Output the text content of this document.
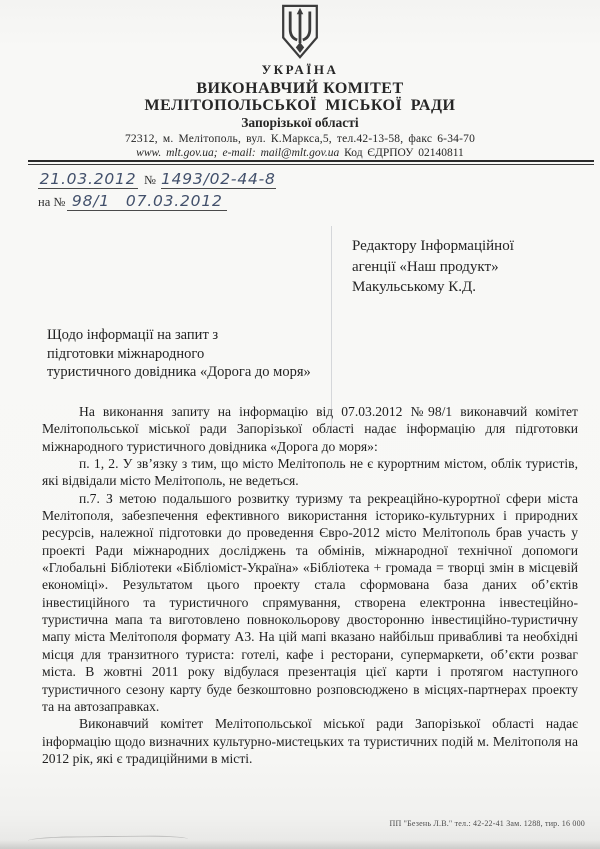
УКРАЇНА
ВИКОНАВЧИЙ КОМІТЕТ
МЕЛІТОПОЛЬСЬКОЇ МІСЬКОЇ РАДИ
Запорізької області
72312, м. Мелітополь, вул. К.Маркса,5, тел.42-13-58, факс 6-34-70
www. mlt.gov.ua; e-mail: mail@mlt.gov.ua Код ЄДРПОУ 02140811
21.03.2012 № 1493/02-44-8
на № 98/1 07.03.2012
Редактору Інформаційної
агенції «Наш продукт»
Макульському К.Д.
Щодо інформації на запит з
підготовки міжнародного
туристичного довідника «Дорога до моря»

На виконання запиту на інформацію від 07.03.2012 №98/1 виконавчий комітет Мелітопольської міської ради Запорізької області надає інформацію для підготовки міжнародного туристичного довідника «Дорога до моря»:

п. 1, 2. У зв’язку з тим, що місто Мелітополь не є курортним містом, облік туристів, які відвідали місто Мелітополь, не ведеться.

п.7. З метою подальшого розвитку туризму та рекреаційно-курортної сфери міста Мелітополя, забезпечення ефективного використання історико-культурних і природних ресурсів, належної підготовки до проведення Євро-2012 місто Мелітополь брав участь у проекті Ради міжнародних досліджень та обмінів, міжнародної технічної допомоги «Глобальні Бібліотеки «Бібліоміст-Україна» «Бібліотека + громада = творці змін в місцевій економіці». Результатом цього проекту стала сформована база даних об’єктів інвестиційного та туристичного спрямування, створена електронна інвестеційно-туристична мапа та виготовлено повнокольорову двосторонню інвестиційно-туристичну мапу міста Мелітополя формату А3. На цій мапі вказано найбільш привабливі та необхідні місця для транзитного туриста: готелі, кафе і ресторани, супермаркети, об’єкти розваг міста. В жовтні 2011 року відбулася презентація цієї карти і протягом наступного туристичного сезону карту буде безкоштовно розповсюджено в місцях-партнерах проекту та на автозаправках.

Виконавчий комітет Мелітопольської міської ради Запорізької області надає інформацію щодо визначних культурно-мистецьких та туристичних подій м. Мелітополя на 2012 рік, які є традиційними в місті.

ПП "Безень Л.В." тел.: 42-22-41 Зам. 1288, тир. 16 000
